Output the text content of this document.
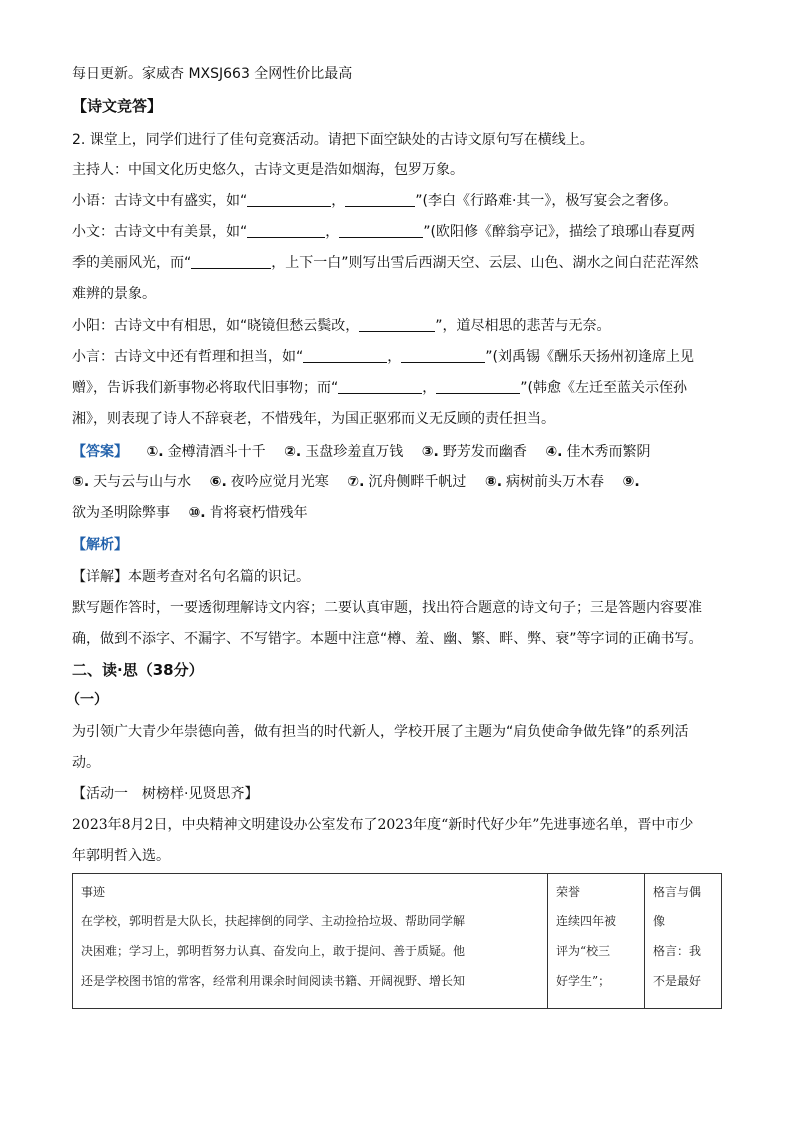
每日更新。家威杏 MXSJ663 全网性价比最高
【诗文竞答】
2. 课堂上，同学们进行了佳句竞赛活动。请把下面空缺处的古诗文原句写在横线上。
主持人：中国文化历史悠久，古诗文更是浩如烟海，包罗万象。
小语：古诗文中有盛实，如“	，	”(李白《行路难·其一》，极写宴会之奢侈。
小文：古诗文中有美景，如“	，	”(欧阳修《醉翁亭记》，描绘了琅琊山春夏两
季的美丽风光，而“	，上下一白”则写出雪后西湖天空、云层、山色、湖水之间白茫茫浑然
难辨的景象。
小阳：古诗文中有相思，如“晓镜但愁云鬓改，	”，道尽相思的悲苦与无奈。
小言：古诗文中还有哲理和担当，如“	，	”(刘禹锡《酬乐天扬州初逢席上见
赠》，告诉我们新事物必将取代旧事物；而“	，	”(韩愈《左迁至蓝关示侄孙
湘》，则表现了诗人不辞衰老，不惜残年，为国正驱邪而义无反顾的责任担当。
【答案】 ①. 金樽清酒斗十千 ②. 玉盘珍羞直万钱 ③. 野芳发而幽香 ④. 佳木秀而繁阴
⑤. 天与云与山与水 ⑥. 夜吟应觉月光寒 ⑦. 沉舟侧畔千帆过 ⑧. 病树前头万木春 ⑨.
欲为圣明除弊事 ⑩. 肯将衰朽惜残年
【解析】
【详解】本题考查对名句名篇的识记。
默写题作答时，一要透彻理解诗文内容；二要认真审题，找出符合题意的诗文句子；三是答题内容要准
确，做到不添字、不漏字、不写错字。本题中注意“樽、羞、幽、繁、畔、弊、衰”等字词的正确书写。
二、读·思（38分）
（一）
为引领广大青少年崇德向善，做有担当的时代新人，学校开展了主题为“肩负使命争做先锋”的系列活
动。
【活动一　树榜样·见贤思齐】
2023年8月2日，中央精神文明建设办公室发布了2023年度“新时代好少年”先进事迹名单，晋中市少
年郭明哲入选。
事迹
在学校，郭明哲是大队长，扶起摔倒的同学、主动捡拾垃圾、帮助同学解
决困难；学习上，郭明哲努力认真、奋发向上，敢于提问、善于质疑。他
还是学校图书馆的常客，经常利用课余时间阅读书籍、开阔视野、增长知

荣誉
连续四年被
评为“校三
好学生”；

格言与偶
像
格言：我
不是最好
